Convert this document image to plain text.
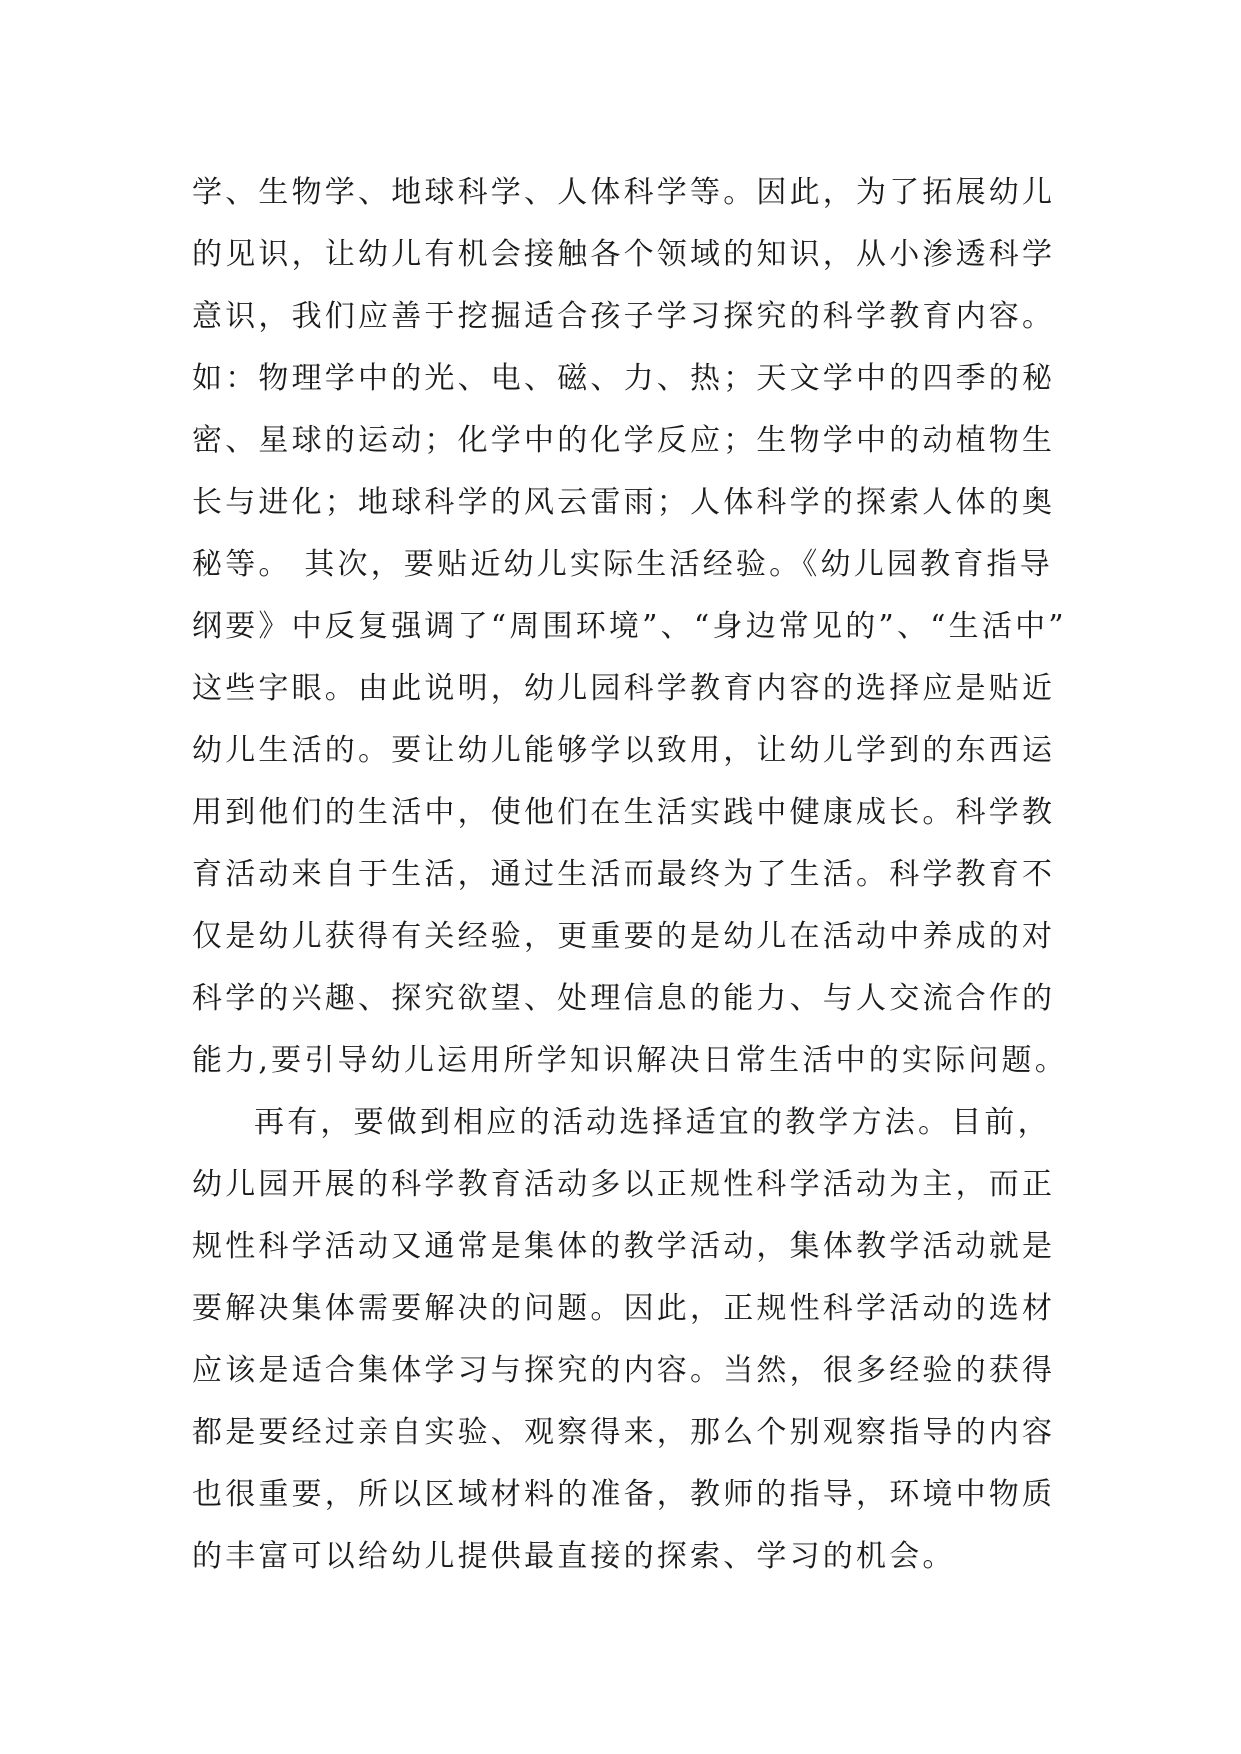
学、生物学、地球科学、人体科学等。因此，为了拓展幼儿
的见识，让幼儿有机会接触各个领域的知识，从小渗透科学
意识，我们应善于挖掘适合孩子学习探究的科学教育内容。
如：物理学中的光、电、磁、力、热；天文学中的四季的秘
密、星球的运动；化学中的化学反应；生物学中的动植物生
长与进化；地球科学的风云雷雨；人体科学的探索人体的奥
秘等。 其次，要贴近幼儿实际生活经验。《幼儿园教育指导
纲要》中反复强调了“周围环境”、“身边常见的”、“生活中”
这些字眼。由此说明，幼儿园科学教育内容的选择应是贴近
幼儿生活的。要让幼儿能够学以致用，让幼儿学到的东西运
用到他们的生活中，使他们在生活实践中健康成长。科学教
育活动来自于生活，通过生活而最终为了生活。科学教育不
仅是幼儿获得有关经验，更重要的是幼儿在活动中养成的对
科学的兴趣、探究欲望、处理信息的能力、与人交流合作的
能力,要引导幼儿运用所学知识解决日常生活中的实际问题。
再有，要做到相应的活动选择适宜的教学方法。目前，
幼儿园开展的科学教育活动多以正规性科学活动为主，而正
规性科学活动又通常是集体的教学活动，集体教学活动就是
要解决集体需要解决的问题。因此，正规性科学活动的选材
应该是适合集体学习与探究的内容。当然，很多经验的获得
都是要经过亲自实验、观察得来，那么个别观察指导的内容
也很重要，所以区域材料的准备，教师的指导，环境中物质
的丰富可以给幼儿提供最直接的探索、学习的机会。
